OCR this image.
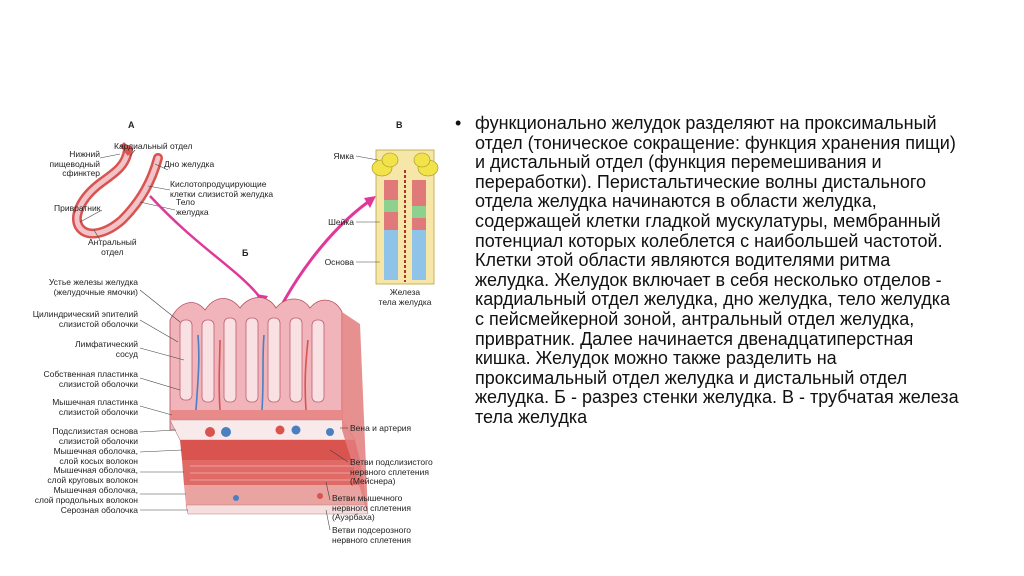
А
Б
В
Нижний
пищеводный
сфинктер
Кардиальный отдел
Дно желудка
Кислотопродуцирующие
клетки слизистой желудка
Тело
желудка
Привратник
Антральный
отдел
Ямка
Шейка
Основа
Железа
тела желудка
Устье железы желудка
(желудочные ямочки)
Цилиндрический эпителий
слизистой оболочки
Лимфатический
сосуд
Собственная пластинка
слизистой оболочки
Мышечная пластинка
слизистой оболочки
Подслизистая основа
слизистой оболочки
Мышечная оболочка,
слой косых волокон
Мышечная оболочка,
слой круговых волокон
Мышечная оболочка,
слой продольных волокон
Серозная оболочка
Вена и артерия
Ветви подслизистого
нервного сплетения
(Мейснера)
Ветви мышечного
нервного сплетения
(Ауэрбаха)
Ветви подсерозного
нервного сплетения
• функционально желудок разделяют на проксимальный отдел (тоническое сокращение: функция хранения пищи) и дистальный отдел (функция перемешивания и переработки). Перистальтические волны дистального отдела желудка начинаются в области желудка, содержащей клетки гладкой мускулатуры, мембранный потенциал которых колеблется с наибольшей частотой. Клетки этой области являются водителями ритма желудка. Желудок включает в себя несколько отделов - кардиальный отдел желудка, дно желудка, тело желудка с пейсмейкерной зоной, антральный отдел желудка, привратник. Далее начинается двенадцатиперстная кишка. Желудок можно также разделить на проксимальный отдел желудка и дистальный отдел желудка. Б - разрез стенки желудка. В - трубчатая железа тела желудка
